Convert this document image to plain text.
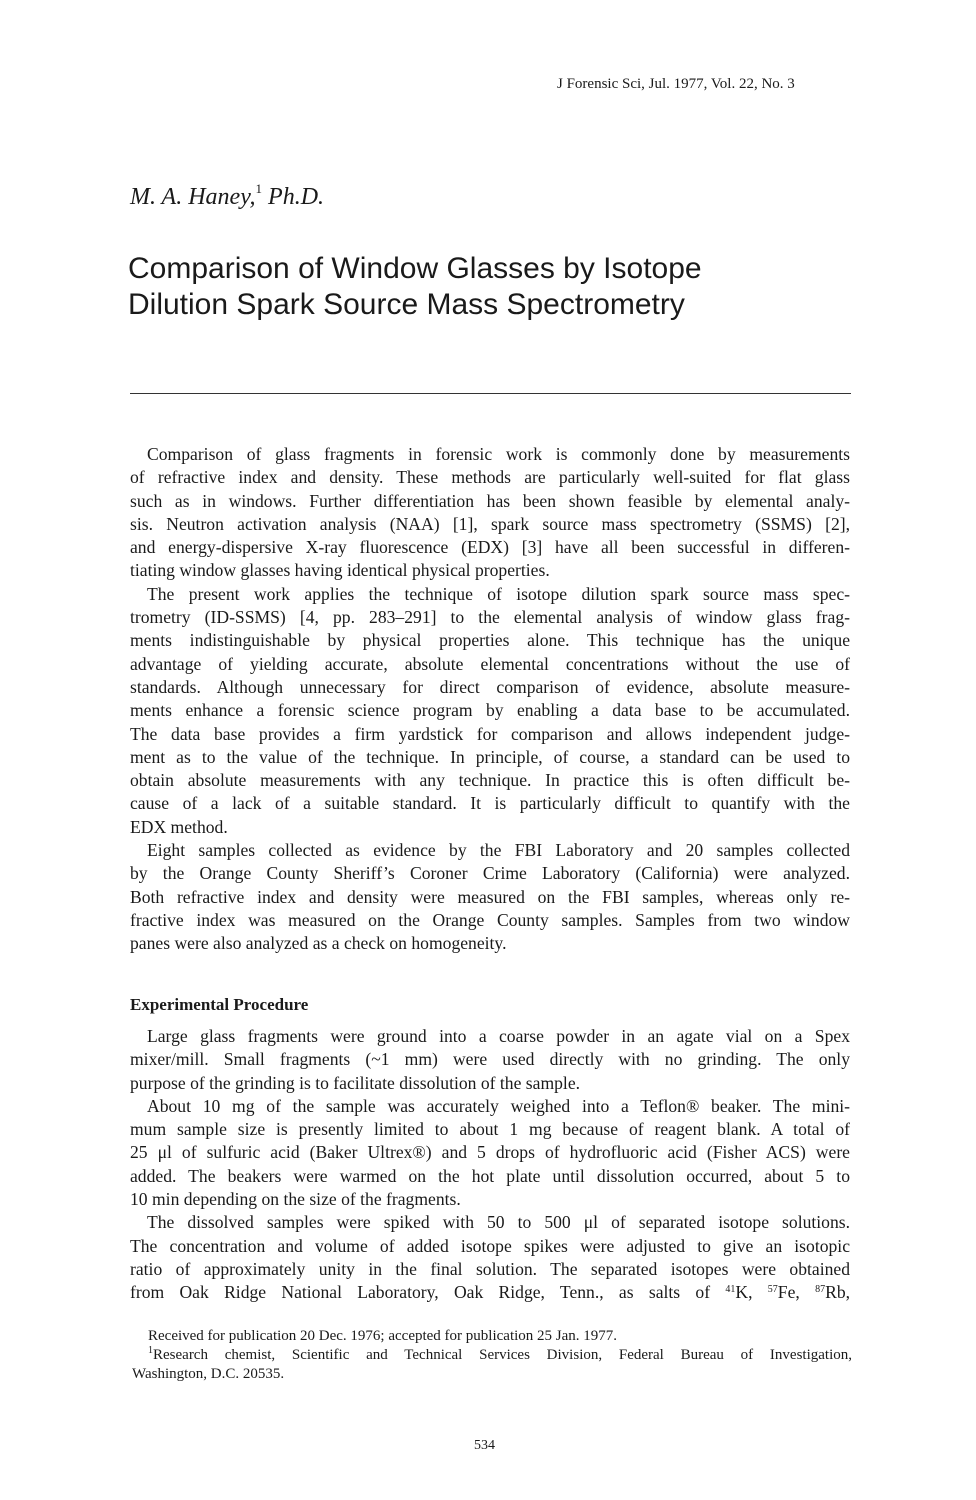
J Forensic Sci, Jul. 1977, Vol. 22, No. 3
M. A. Haney,$^1$ Ph.D.
Comparison of Window Glasses by Isotope
Dilution Spark Source Mass Spectrometry

Comparison of glass fragments in forensic work is commonly done by measurements
of refractive index and density. These methods are particularly well-suited for flat glass
such as in windows. Further differentiation has been shown feasible by elemental analy-
sis. Neutron activation analysis (NAA) [1], spark source mass spectrometry (SSMS) [2],
and energy-dispersive X-ray fluorescence (EDX) [3] have all been successful in differen-
tiating window glasses having identical physical properties.

The present work applies the technique of isotope dilution spark source mass spec-
trometry (ID-SSMS) [4, pp. 283–291] to the elemental analysis of window glass frag-
ments indistinguishable by physical properties alone. This technique has the unique
advantage of yielding accurate, absolute elemental concentrations without the use of
standards. Although unnecessary for direct comparison of evidence, absolute measure-
ments enhance a forensic science program by enabling a data base to be accumulated.
The data base provides a firm yardstick for comparison and allows independent judge-
ment as to the value of the technique. In principle, of course, a standard can be used to
obtain absolute measurements with any technique. In practice this is often difficult be-
cause of a lack of a suitable standard. It is particularly difficult to quantify with the
EDX method.

Eight samples collected as evidence by the FBI Laboratory and 20 samples collected
by the Orange County Sheriff’s Coroner Crime Laboratory (California) were analyzed.
Both refractive index and density were measured on the FBI samples, whereas only re-
fractive index was measured on the Orange County samples. Samples from two window
panes were also analyzed as a check on homogeneity.

Experimental Procedure

Large glass fragments were ground into a coarse powder in an agate vial on a Spex
mixer/mill. Small fragments (~1 mm) were used directly with no grinding. The only
purpose of the grinding is to facilitate dissolution of the sample.

About 10 mg of the sample was accurately weighed into a Teflon® beaker. The mini-
mum sample size is presently limited to about 1 mg because of reagent blank. A total of
25 μl of sulfuric acid (Baker Ultrex®) and 5 drops of hydrofluoric acid (Fisher ACS) were
added. The beakers were warmed on the hot plate until dissolution occurred, about 5 to
10 min depending on the size of the fragments.

The dissolved samples were spiked with 50 to 500 μl of separated isotope solutions.
The concentration and volume of added isotope spikes were adjusted to give an isotopic
ratio of approximately unity in the final solution. The separated isotopes were obtained
from Oak Ridge National Laboratory, Oak Ridge, Tenn., as salts of $^{41}$K, $^{57}$Fe, $^{87}$Rb,

Received for publication 20 Dec. 1976; accepted for publication 25 Jan. 1977.
$^1$Research chemist, Scientific and Technical Services Division, Federal Bureau of Investigation,
Washington, D.C. 20535.
534
